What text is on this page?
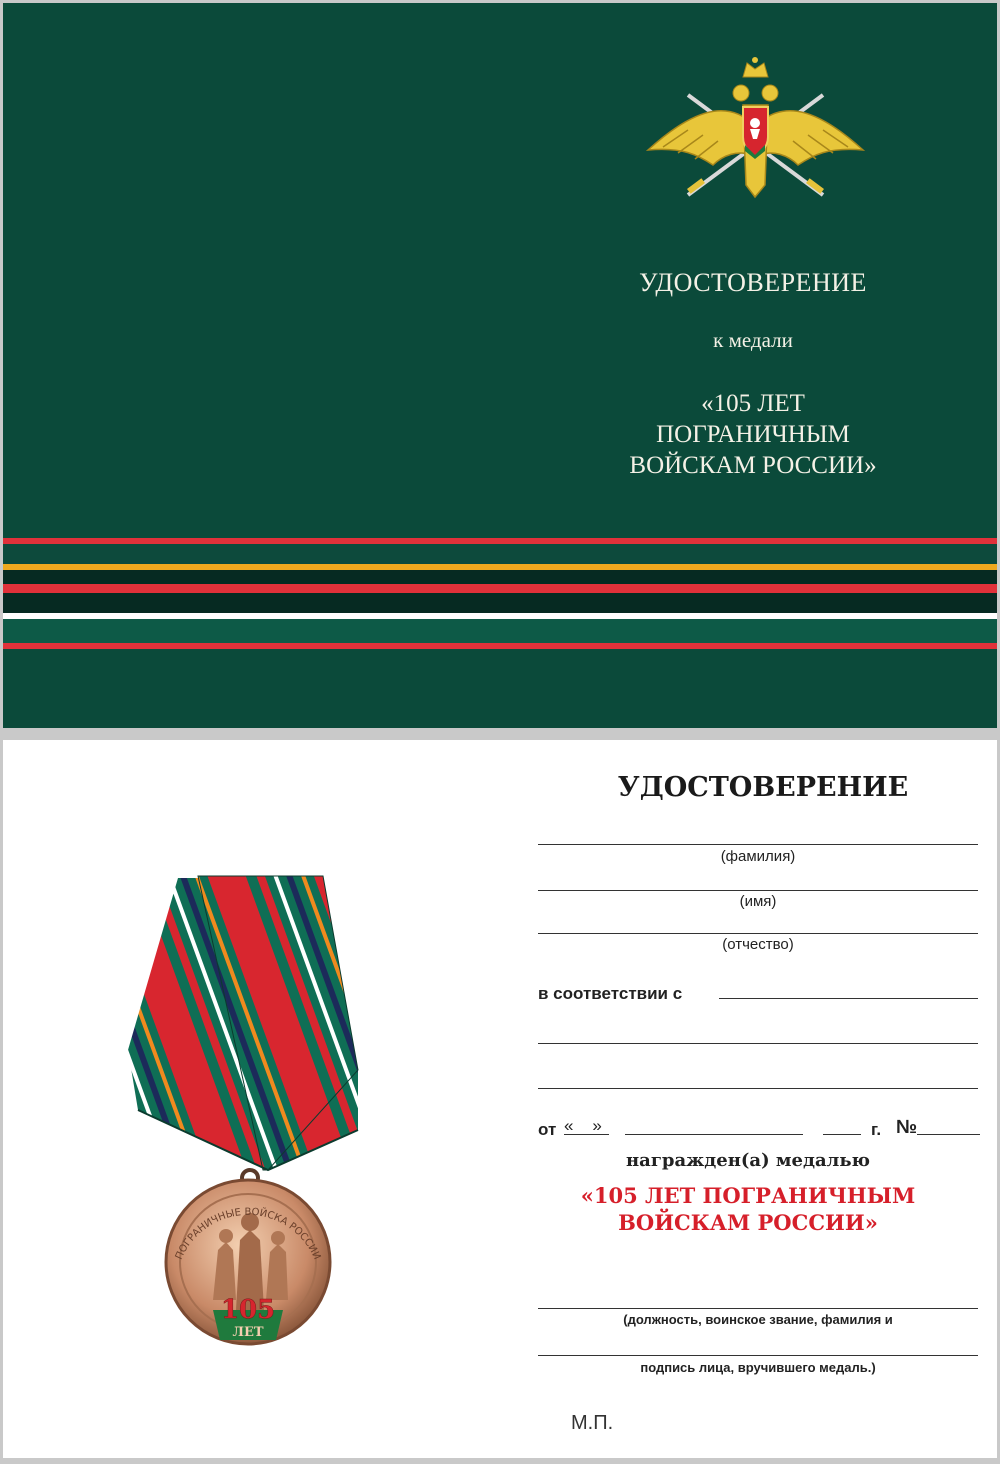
УДОСТОВЕРЕНИЕ
к медали
«105 ЛЕТ
ПОГРАНИЧНЫМ
ВОЙСКАМ РОССИИ»
105
ЛЕТ
ПОГРАНИЧНЫЕ ВОЙСКА РОССИИ
УДОСТОВЕРЕНИЕ
(фамилия)
(имя)
(отчество)
в соответствии с
от «    »	г. №
награжден(а) медалью
«105 ЛЕТ ПОГРАНИЧНЫМ
ВОЙСКАМ РОССИИ»
(должность, воинское звание, фамилия и
подпись лица, вручившего медаль.)
М.П.
